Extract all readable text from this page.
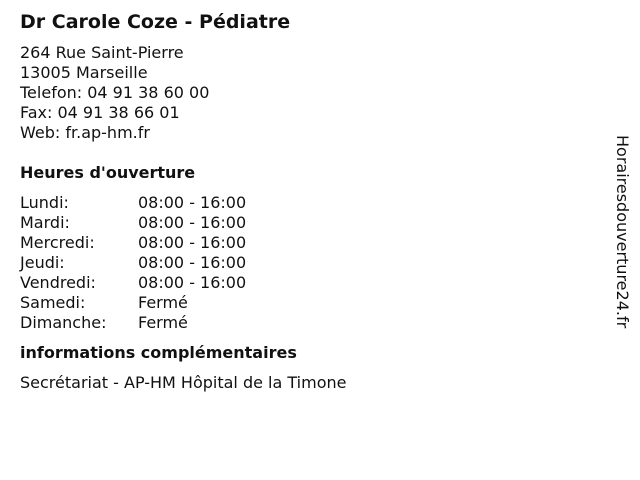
Dr Carole Coze - Pédiatre
264 Rue Saint-Pierre
13005 Marseille
Telefon: 04 91 38 60 00
Fax: 04 91 38 66 01
Web: fr.ap-hm.fr
Heures d'ouverture
Lundi:	08:00 - 16:00
Mardi:	08:00 - 16:00
Mercredi:	08:00 - 16:00
Jeudi:	08:00 - 16:00
Vendredi:	08:00 - 16:00
Samedi:	Fermé
Dimanche:	Fermé
informations complémentaires
Secrétariat - AP-HM Hôpital de la Timone
Horairesdouverture24.fr
